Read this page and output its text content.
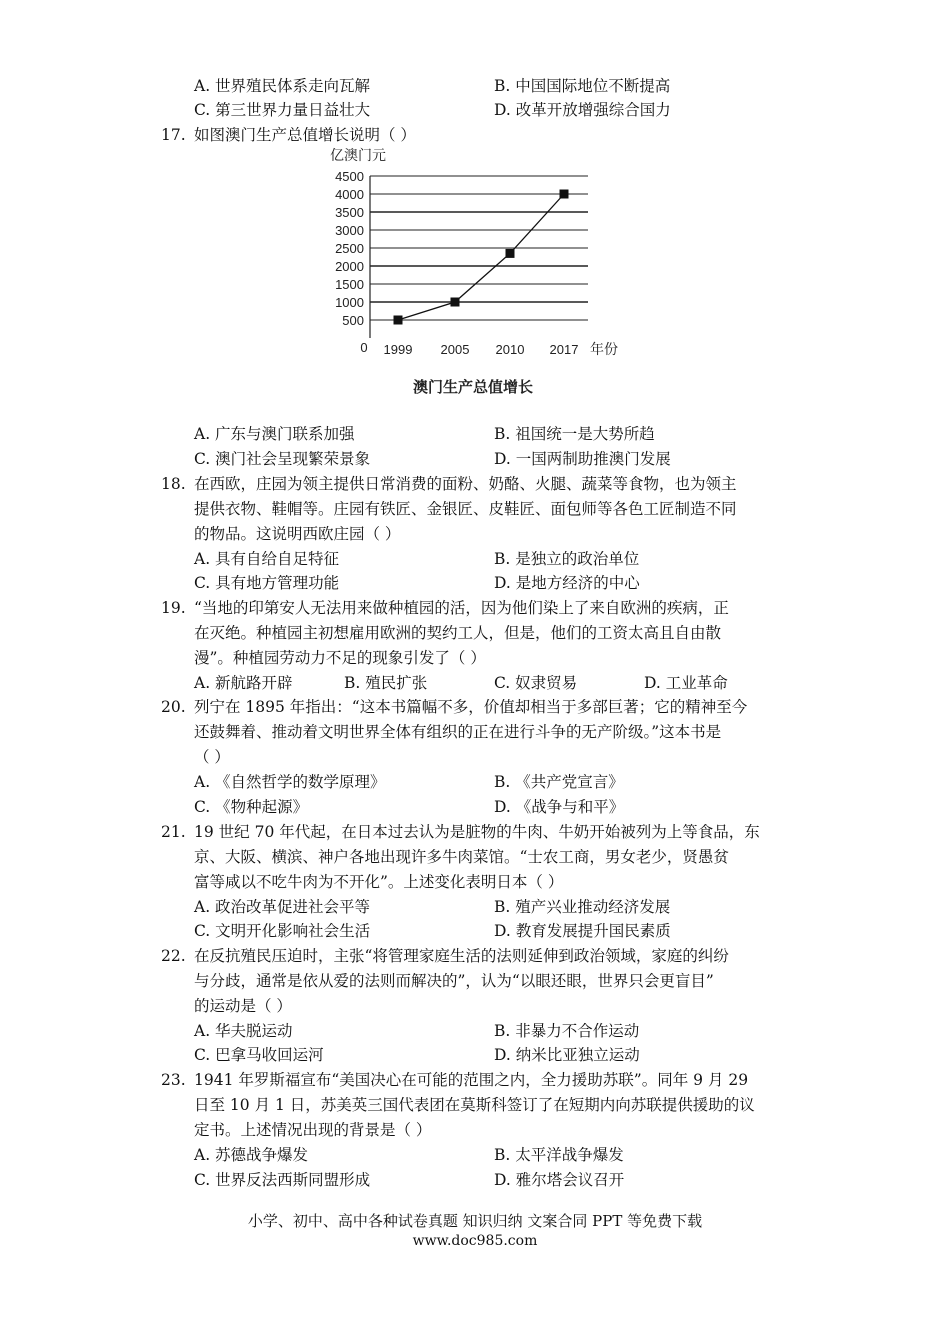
A. 世界殖民体系走向瓦解	B. 中国国际地位不断提高
C. 第三世界力量日益壮大	D. 改革开放增强综合国力
17. 如图澳门生产总值增长说明（ ）
亿澳门元
0
500
1000
1500
2000
2500
3000
3500
4000
4500
1999 2005 2010 2017 年份
澳门生产总值增长
A. 广东与澳门联系加强	B. 祖国统一是大势所趋
C. 澳门社会呈现繁荣景象	D. 一国两制助推澳门发展
18. 在西欧，庄园为领主提供日常消费的面粉、奶酪、火腿、蔬菜等食物，也为领主
提供衣物、鞋帽等。庄园有铁匠、金银匠、皮鞋匠、面包师等各色工匠制造不同
的物品。这说明西欧庄园（ ）
A. 具有自给自足特征	B. 是独立的政治单位
C. 具有地方管理功能	D. 是地方经济的中心
19. “当地的印第安人无法用来做种植园的活，因为他们染上了来自欧洲的疾病，正
在灭绝。种植园主初想雇用欧洲的契约工人，但是，他们的工资太高且自由散
漫”。种植园劳动力不足的现象引发了（ ）
A. 新航路开辟	B. 殖民扩张	C. 奴隶贸易	D. 工业革命
20. 列宁在 1895 年指出：“这本书篇幅不多，价值却相当于多部巨著；它的精神至今
还鼓舞着、推动着文明世界全体有组织的正在进行斗争的无产阶级。”这本书是
（ ）
A. 《自然哲学的数学原理》	B. 《共产党宣言》
C. 《物种起源》	D. 《战争与和平》
21. 19 世纪 70 年代起，在日本过去认为是脏物的牛肉、牛奶开始被列为上等食品，东
京、大阪、横滨、神户各地出现许多牛肉菜馆。“士农工商，男女老少，贤愚贫
富等咸以不吃牛肉为不开化”。上述变化表明日本（ ）
A. 政治改革促进社会平等	B. 殖产兴业推动经济发展
C. 文明开化影响社会生活	D. 教育发展提升国民素质
22. 在反抗殖民压迫时，主张“将管理家庭生活的法则延伸到政治领域，家庭的纠纷
与分歧，通常是依从爱的法则而解决的”，认为“以眼还眼，世界只会更盲目”
的运动是（ ）
A. 华夫脱运动	B. 非暴力不合作运动
C. 巴拿马收回运河	D. 纳米比亚独立运动
23. 1941 年罗斯福宣布“美国决心在可能的范围之内，全力援助苏联”。同年 9 月 29
日至 10 月 1 日，苏美英三国代表团在莫斯科签订了在短期内向苏联提供援助的议
定书。上述情况出现的背景是（ ）
A. 苏德战争爆发	B. 太平洋战争爆发
C. 世界反法西斯同盟形成	D. 雅尔塔会议召开
小学、初中、高中各种试卷真题 知识归纳 文案合同 PPT 等免费下载
www.doc985.com
